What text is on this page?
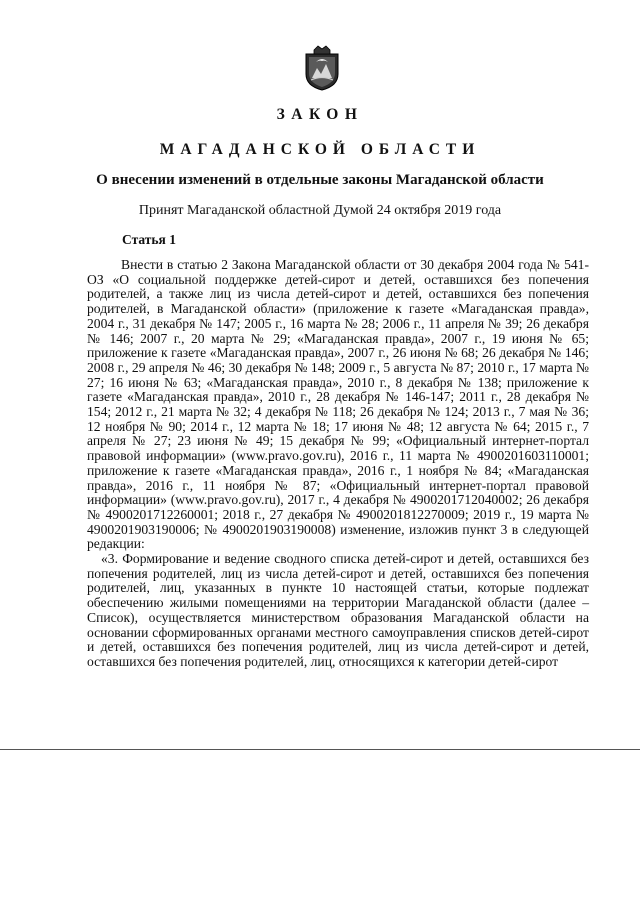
ЗАКОН
МАГАДАНСКОЙ ОБЛАСТИ
О внесении изменений в отдельные законы Магаданской области
Принят Магаданской областной Думой 24 октября 2019 года
Статья 1

Внести в статью 2 Закона Магаданской области от 30 декабря 2004 года № 541-ОЗ «О социальной поддержке детей-сирот и детей, оставшихся без попечения родителей, а также лиц из числа детей-сирот и детей, оставшихся без попечения родителей, в Магаданской области» (приложение к газете «Магаданская правда», 2004 г., 31 декабря № 147; 2005 г., 16 марта № 28; 2006 г., 11 апреля № 39; 26 декабря № 146; 2007 г., 20 марта № 29; «Магаданская правда», 2007 г., 19 июня № 65; приложение к газете «Магаданская правда», 2007 г., 26 июня № 68; 26 декабря № 146; 2008 г., 29 апреля № 46; 30 декабря № 148; 2009 г., 5 августа № 87; 2010 г., 17 марта № 27; 16 июня № 63; «Магаданская правда», 2010 г., 8 декабря № 138; приложение к газете «Магаданская правда», 2010 г., 28 декабря № 146-147; 2011 г., 28 декабря № 154; 2012 г., 21 марта № 32; 4 декабря № 118; 26 декабря № 124; 2013 г., 7 мая № 36; 12 ноября № 90; 2014 г., 12 марта № 18; 17 июня № 48; 12 августа № 64; 2015 г., 7 апреля № 27; 23 июня № 49; 15 декабря № 99; «Официальный интернет-портал правовой информации» (www.pravo.gov.ru), 2016 г., 11 марта № 4900201603110001; приложение к газете «Магаданская правда», 2016 г., 1 ноября № 84; «Магаданская правда», 2016 г., 11 ноября № 87; «Официальный интернет-портал правовой информации» (www.pravo.gov.ru), 2017 г., 4 декабря № 4900201712040002; 26 декабря № 4900201712260001; 2018 г., 27 декабря № 4900201812270009; 2019 г., 19 марта № 4900201903190006; № 4900201903190008) изменение, изложив пункт 3 в следующей редакции:

«3. Формирование и ведение сводного списка детей-сирот и детей, оставшихся без попечения родителей, лиц из числа детей-сирот и детей, оставшихся без попечения родителей, лиц, указанных в пункте 10 настоящей статьи, которые подлежат обеспечению жилыми помещениями на территории Магаданской области (далее – Список), осуществляется министерством образования Магаданской области на основании сформированных органами местного самоуправления списков детей-сирот и детей, оставшихся без попечения родителей, лиц из числа детей-сирот и детей, оставшихся без попечения родителей, лиц, относящихся к категории детей-сирот
